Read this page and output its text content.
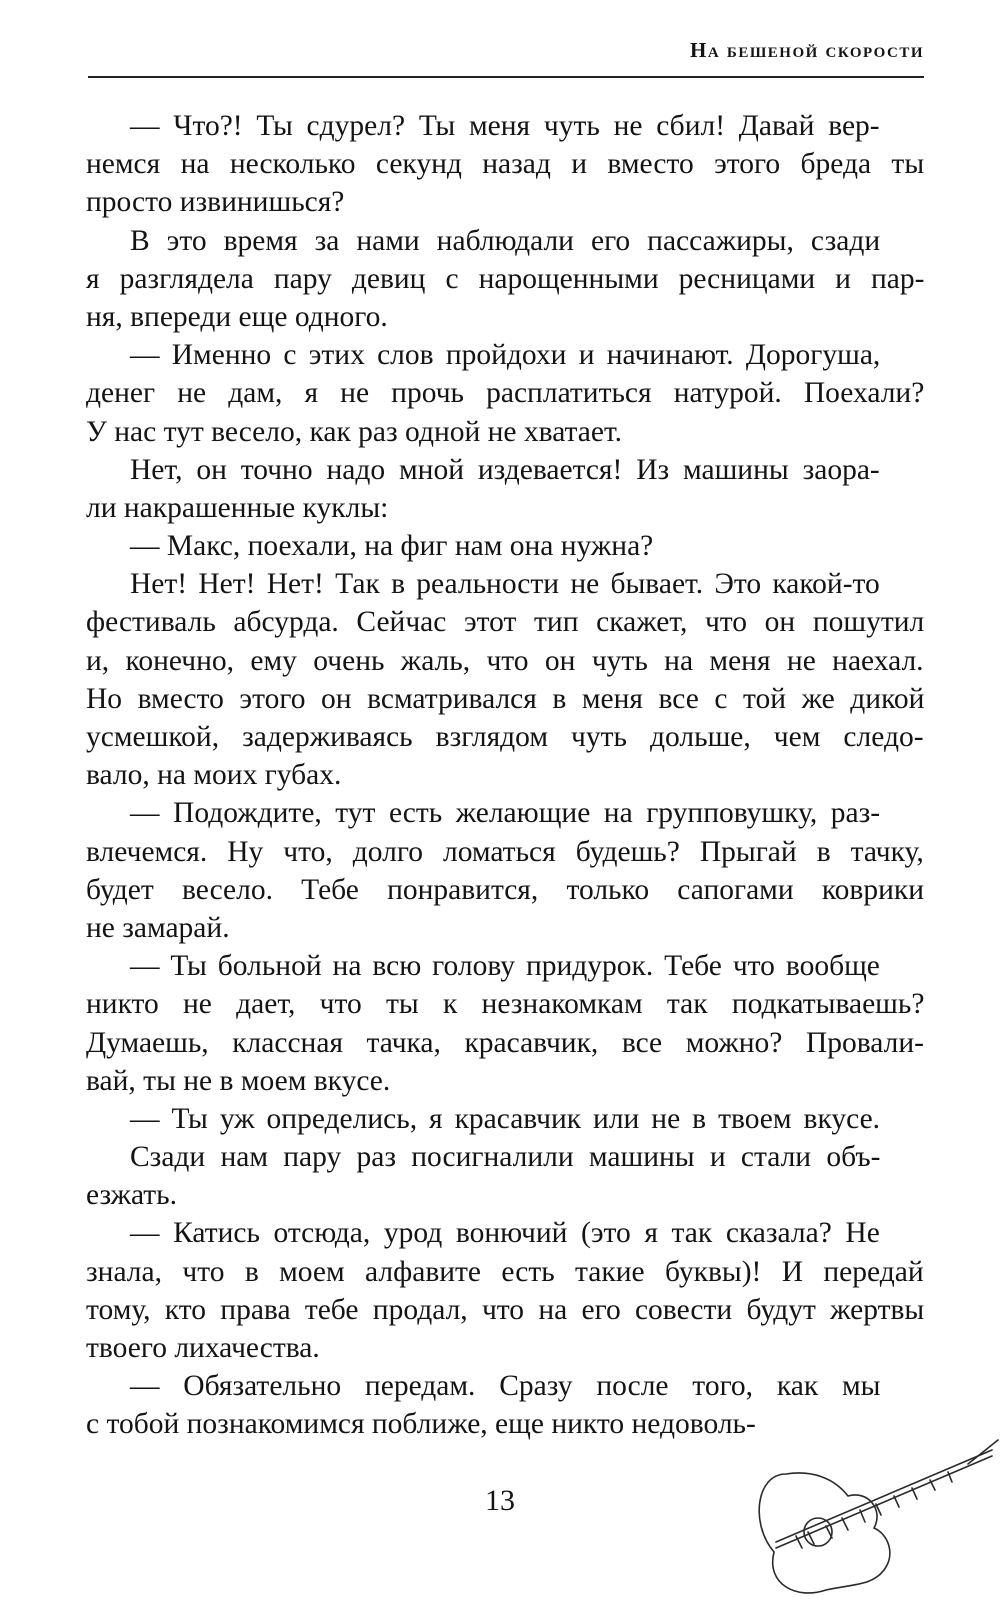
На бешеной скорости
— Что?! Ты сдурел? Ты меня чуть не сбил! Давай вер-
немся на несколько секунд назад и вместо этого бреда ты
просто извинишься?
В это время за нами наблюдали его пассажиры, сзади
я разглядела пару девиц с нарощенными ресницами и пар-
ня, впереди еще одного.
— Именно с этих слов пройдохи и начинают. Дорогуша,
денег не дам, я не прочь расплатиться натурой. Поехали?
У нас тут весело, как раз одной не хватает.
Нет, он точно надо мной издевается! Из машины заора-
ли накрашенные куклы:
— Макс, поехали, на фиг нам она нужна?
Нет! Нет! Нет! Так в реальности не бывает. Это какой-то
фестиваль абсурда. Сейчас этот тип скажет, что он пошутил
и, конечно, ему очень жаль, что он чуть на меня не наехал.
Но вместо этого он всматривался в меня все с той же дикой
усмешкой, задерживаясь взглядом чуть дольше, чем следо-
вало, на моих губах.
— Подождите, тут есть желающие на групповушку, раз-
влечемся. Ну что, долго ломаться будешь? Прыгай в тачку,
будет весело. Тебе понравится, только сапогами коврики
не замарай.
— Ты больной на всю голову придурок. Тебе что вообще
никто не дает, что ты к незнакомкам так подкатываешь?
Думаешь, классная тачка, красавчик, все можно? Провали-
вай, ты не в моем вкусе.
— Ты уж определись, я красавчик или не в твоем вкусе.
Сзади нам пару раз посигналили машины и стали объ-
езжать.
— Катись отсюда, урод вонючий (это я так сказала? Не
знала, что в моем алфавите есть такие буквы)! И передай
тому, кто права тебе продал, что на его совести будут жертвы
твоего лихачества.
— Обязательно передам. Сразу после того, как мы
с тобой познакомимся поближе, еще никто недоволь-
13
